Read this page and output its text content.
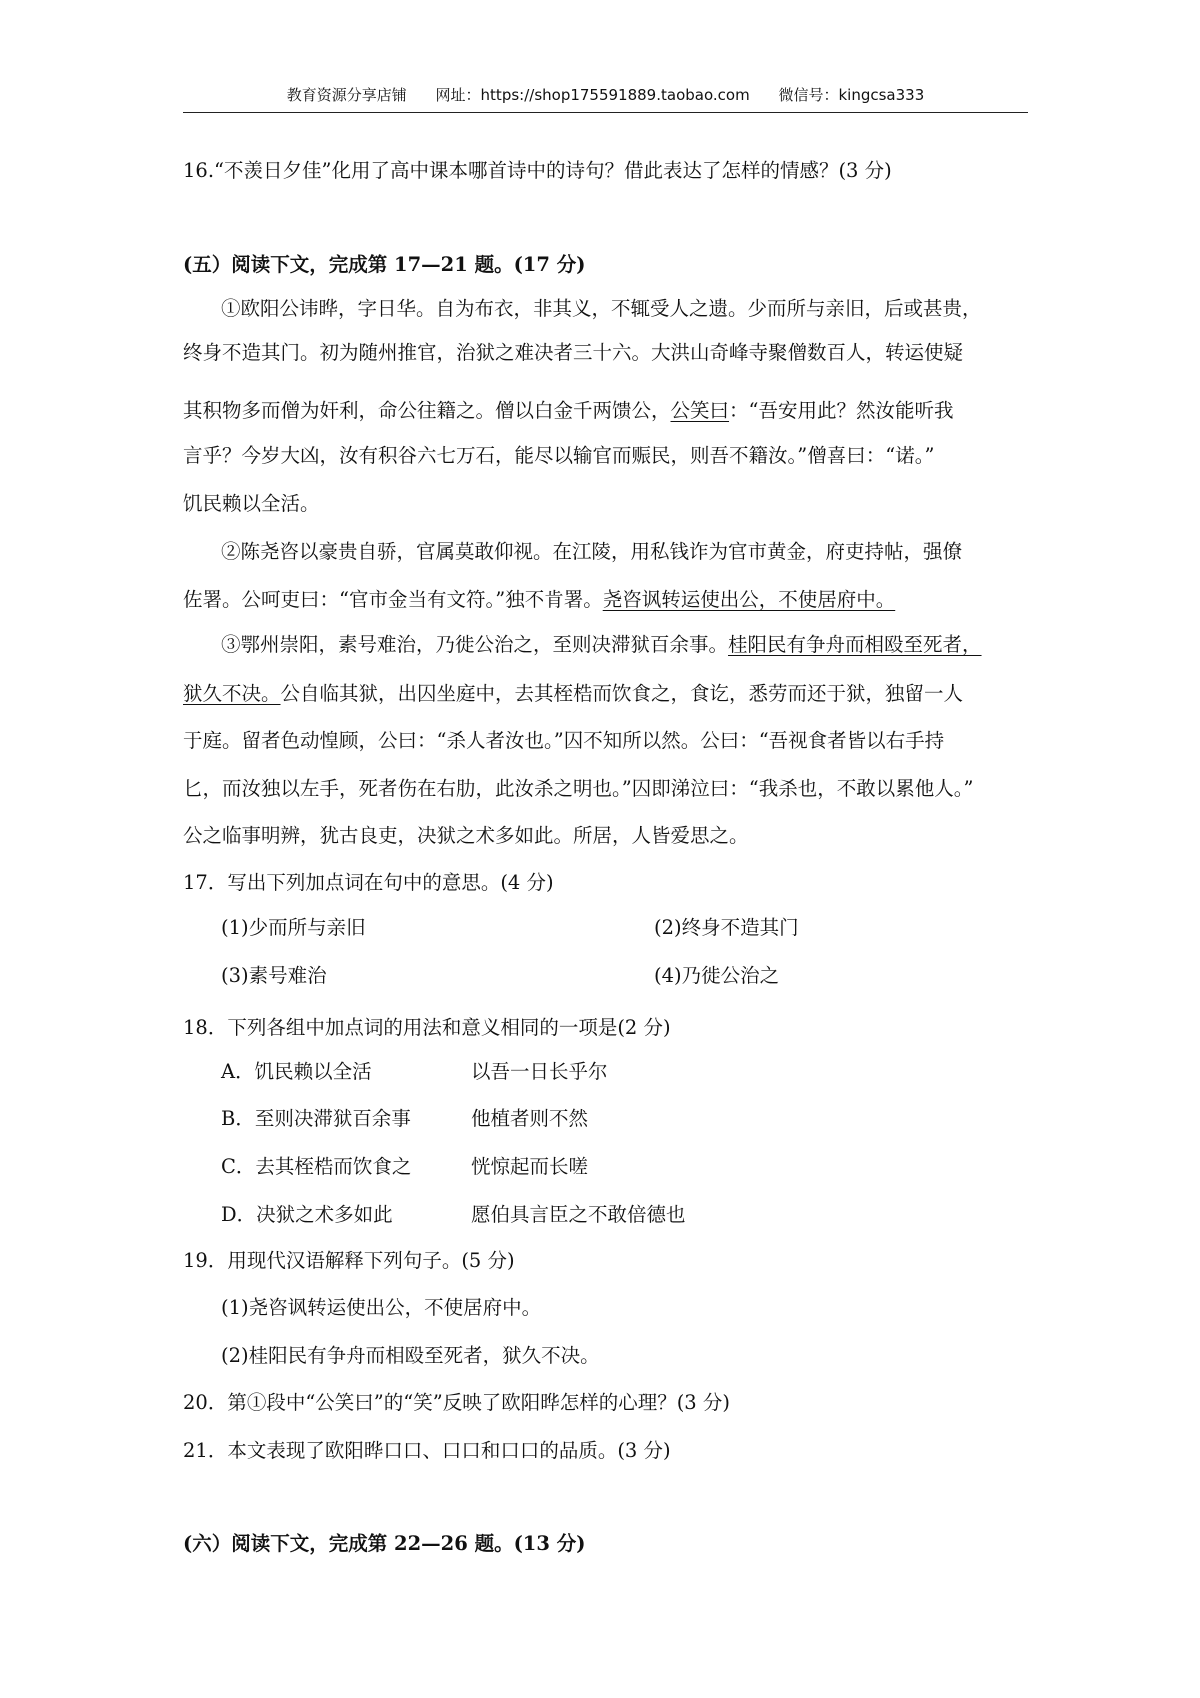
教育资源分享店铺 网址：https://shop175591889.taobao.com 微信号：kingcsa333
16.“不羡日夕佳”化用了高中课本哪首诗中的诗句？借此表达了怎样的情感？(3 分)
(五）阅读下文，完成第 17—21 题。(17 分)
①欧阳公讳晔，字日华。自为布衣，非其义，不辄受人之遗。少而所与亲旧，后或甚贵，
终身不造其门。初为随州推官，治狱之难决者三十六。大洪山奇峰寺聚僧数百人，转运使疑
其积物多而僧为奸利，命公往籍之。僧以白金千两馈公，公笑曰：“吾安用此？然汝能听我
言乎？今岁大凶，汝有积谷六七万石，能尽以输官而赈民，则吾不籍汝。”僧喜曰：“诺。”
饥民赖以全活。
②陈尧咨以豪贵自骄，官属莫敢仰视。在江陵，用私钱诈为官市黄金，府吏持帖，强僚
佐署。公呵吏曰：“官市金当有文符。”独不肯署。尧咨讽转运使出公，不使居府中。
③鄂州崇阳，素号难治，乃徙公治之，至则决滞狱百余事。桂阳民有争舟而相殴至死者，
狱久不决。公自临其狱，出囚坐庭中，去其桎梏而饮食之，食讫，悉劳而还于狱，独留一人
于庭。留者色动惶顾，公曰：“杀人者汝也。”囚不知所以然。公曰：“吾视食者皆以右手持
匕，而汝独以左手，死者伤在右肋，此汝杀之明也。”囚即涕泣曰：“我杀也，不敢以累他人。”
公之临事明辨，犹古良吏，决狱之术多如此。所居，人皆爱思之。
17．写出下列加点词在句中的意思。(4 分)
(1)少而所与亲旧	(2)终身不造其门
(3)素号难治	(4)乃徙公治之
18．下列各组中加点词的用法和意义相同的一项是(2 分)
A．饥民赖以全活	以吾一日长乎尔
B．至则决滞狱百余事	他植者则不然
C．去其桎梏而饮食之	恍惊起而长嗟
D．决狱之术多如此	愿伯具言臣之不敢倍德也
19．用现代汉语解释下列句子。(5 分)
(1)尧咨讽转运使出公，不使居府中。
(2)桂阳民有争舟而相殴至死者，狱久不决。
20．第①段中“公笑曰”的“笑”反映了欧阳晔怎样的心理？(3 分)
21．本文表现了欧阳晔口口、口口和口口的品质。(3 分)
(六）阅读下文，完成第 22—26 题。(13 分)
